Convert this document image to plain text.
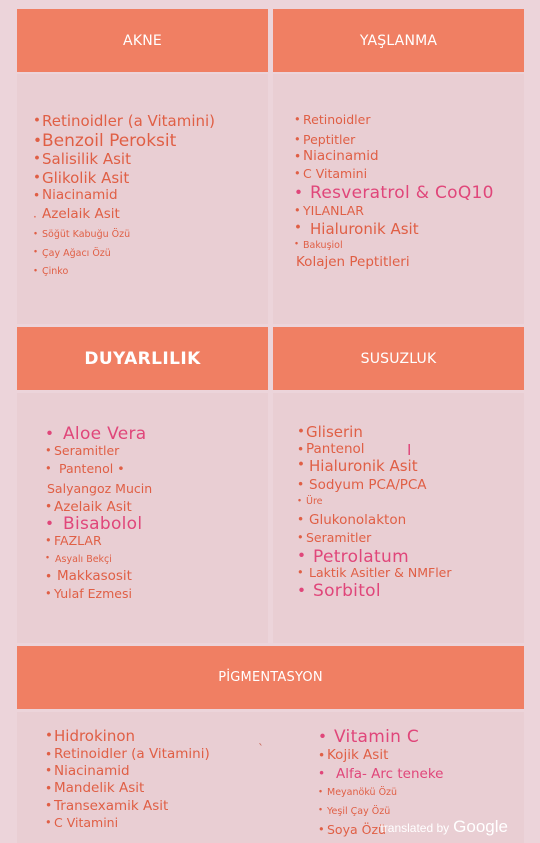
AKNE
• Retinoidler (a Vitamini)
• Benzoil Peroksit
• Salisilik Asit
• Glikolik Asit
• Niacinamid
. Azelaik Asit
• Söğüt Kabuğu Özü
• Çay Ağacı Özü
• Çinko
YAŞLANMA
• Retinoidler
• Peptitler
• Niacinamid
• C Vitamini
• Resveratrol & CoQ10
• YILANLAR
• Hialuronik Asit
• Bakuşiol
Kolajen Peptitleri
DUYARLILIK
• Aloe Vera
• Seramitler
• Pantenol •
Salyangoz Mucin
• Azelaik Asit
• Bisabolol
• FAZLAR
• Asyalı Bekçi
• Makkasosit
• Yulaf Ezmesi
SUSUZLUK
I
• Gliserin
• Pantenol
• Hialuronik Asit
• Sodyum PCA/PCA
• Üre
• Glukonolakton
• Seramitler
• Petrolatum
• Laktik Asitler & NMFler
• Sorbitol
PİGMENTASYON
`
• Hidrokinon
• Retinoidler (a Vitamini)
• Niacinamid
• Mandelik Asit
• Transexamik Asit
• C Vitamini
• Vitamin C
• Kojik Asit
• Alfa- Arc teneke
• Meyanökü Özü
• Yeşil Çay Özü
• Soya Özü
translated by Google
